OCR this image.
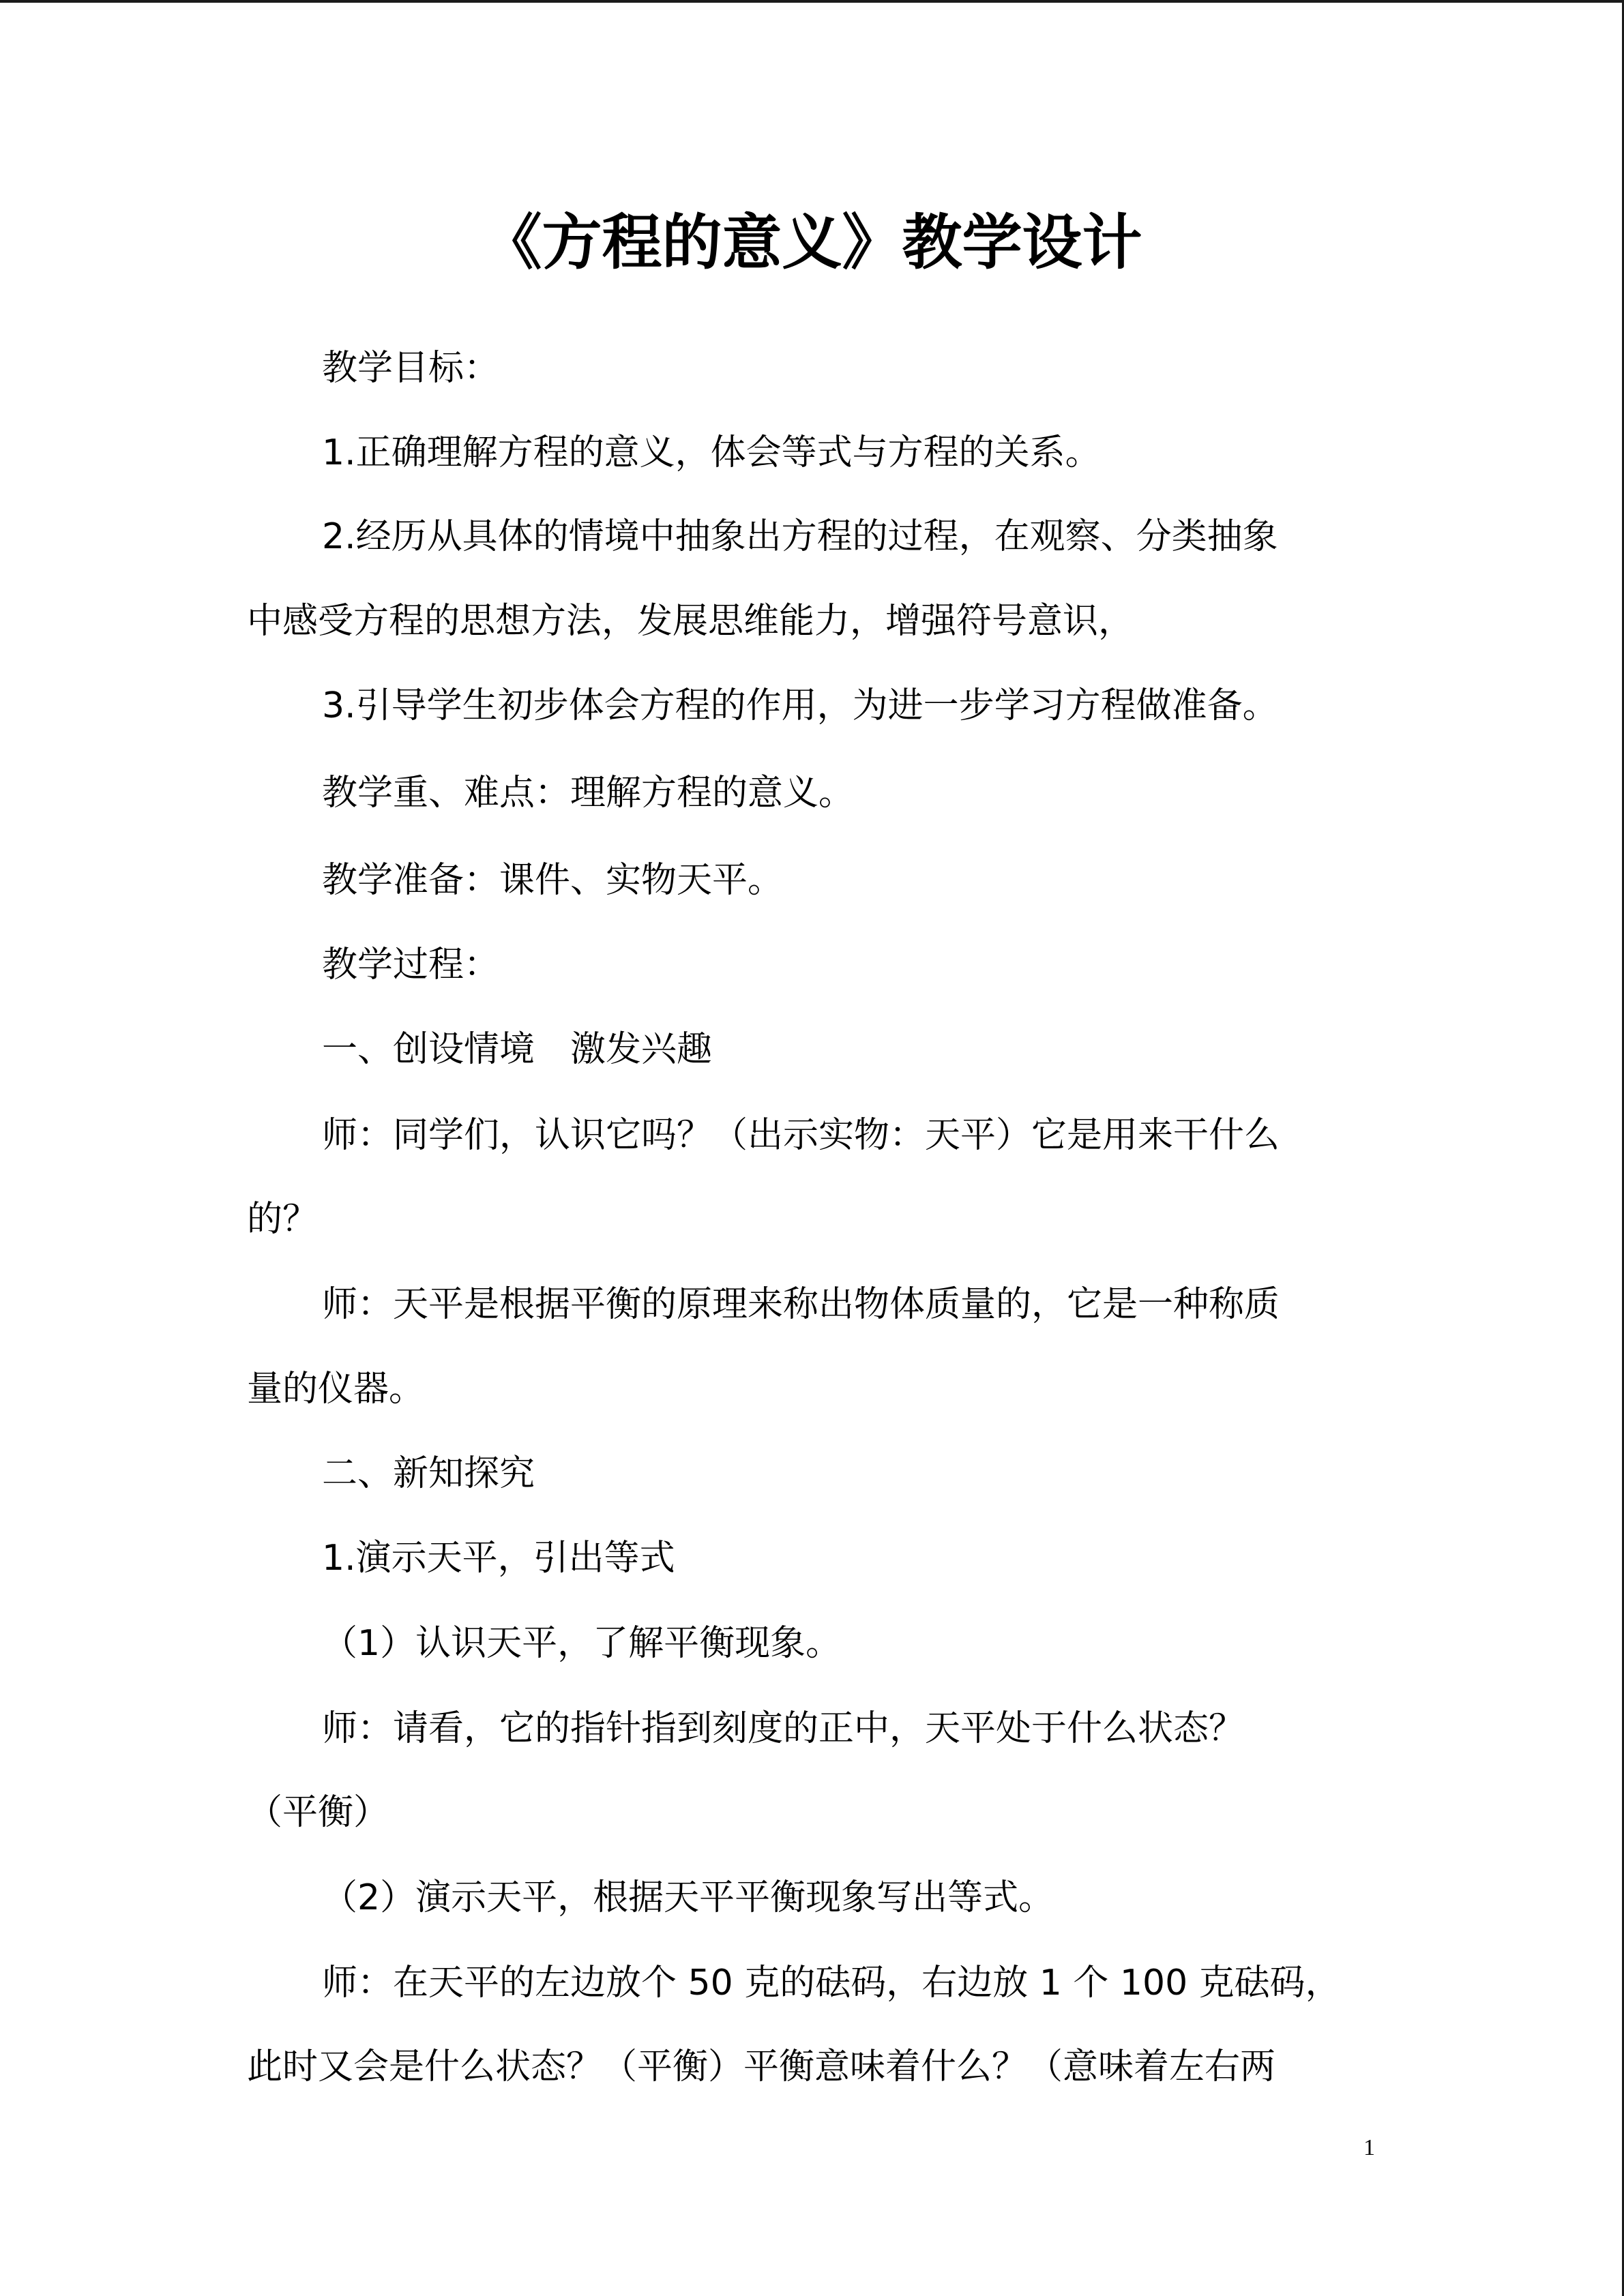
《方程的意义》教学设计
教学目标：
1.正确理解方程的意义，体会等式与方程的关系。
2.经历从具体的情境中抽象出方程的过程，在观察、分类抽象
中感受方程的思想方法，发展思维能力，增强符号意识，
3.引导学生初步体会方程的作用，为进一步学习方程做准备。
教学重、难点：理解方程的意义。
教学准备：课件、实物天平。
教学过程：
一、创设情境　激发兴趣
师：同学们，认识它吗？（出示实物：天平）它是用来干什么
的？
师：天平是根据平衡的原理来称出物体质量的，它是一种称质
量的仪器。
二、新知探究
1.演示天平，引出等式
（1）认识天平，了解平衡现象。
师：请看，它的指针指到刻度的正中，天平处于什么状态？
（平衡）
（2）演示天平，根据天平平衡现象写出等式。
师：在天平的左边放个 50 克的砝码，右边放 1 个 100 克砝码，
此时又会是什么状态？（平衡）平衡意味着什么？（意味着左右两
1
